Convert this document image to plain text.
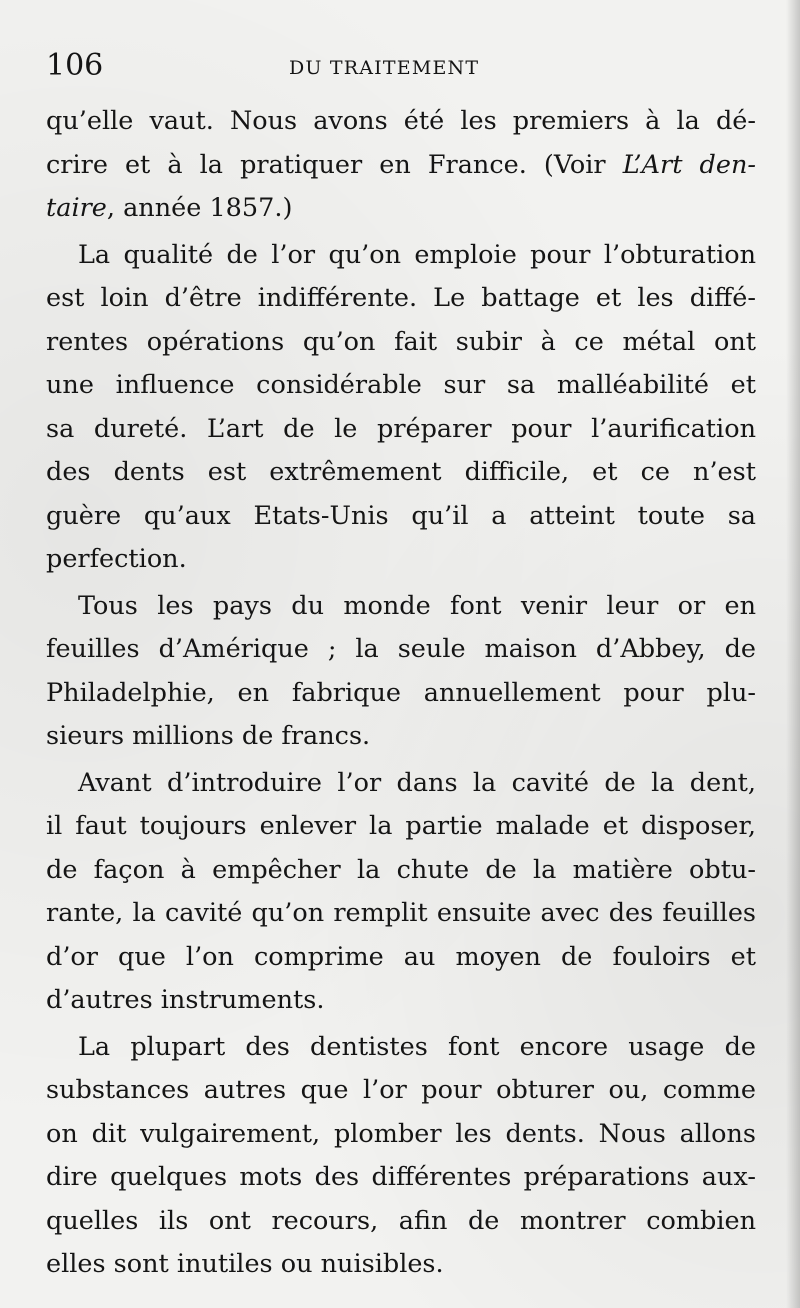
106	DU TRAITEMENT
qu’elle vaut. Nous avons été les premiers à la dé-
crire et à la pratiquer en France. (Voir L’Art den-
taire, année 1857.)
La qualité de l’or qu’on emploie pour l’obturation
est loin d’être indifférente. Le battage et les diffé-
rentes opérations qu’on fait subir à ce métal ont
une influence considérable sur sa malléabilité et
sa dureté. L’art de le préparer pour l’aurification
des dents est extrêmement difficile, et ce n’est
guère qu’aux Etats-Unis qu’il a atteint toute sa
perfection.
Tous les pays du monde font venir leur or en
feuilles d’Amérique ; la seule maison d’Abbey, de
Philadelphie, en fabrique annuellement pour plu-
sieurs millions de francs.
Avant d’introduire l’or dans la cavité de la dent,
il faut toujours enlever la partie malade et disposer,
de façon à empêcher la chute de la matière obtu-
rante, la cavité qu’on remplit ensuite avec des feuilles
d’or que l’on comprime au moyen de fouloirs et
d’autres instruments.
La plupart des dentistes font encore usage de
substances autres que l’or pour obturer ou, comme
on dit vulgairement, plomber les dents. Nous allons
dire quelques mots des différentes préparations aux-
quelles ils ont recours, afin de montrer combien
elles sont inutiles ou nuisibles.
